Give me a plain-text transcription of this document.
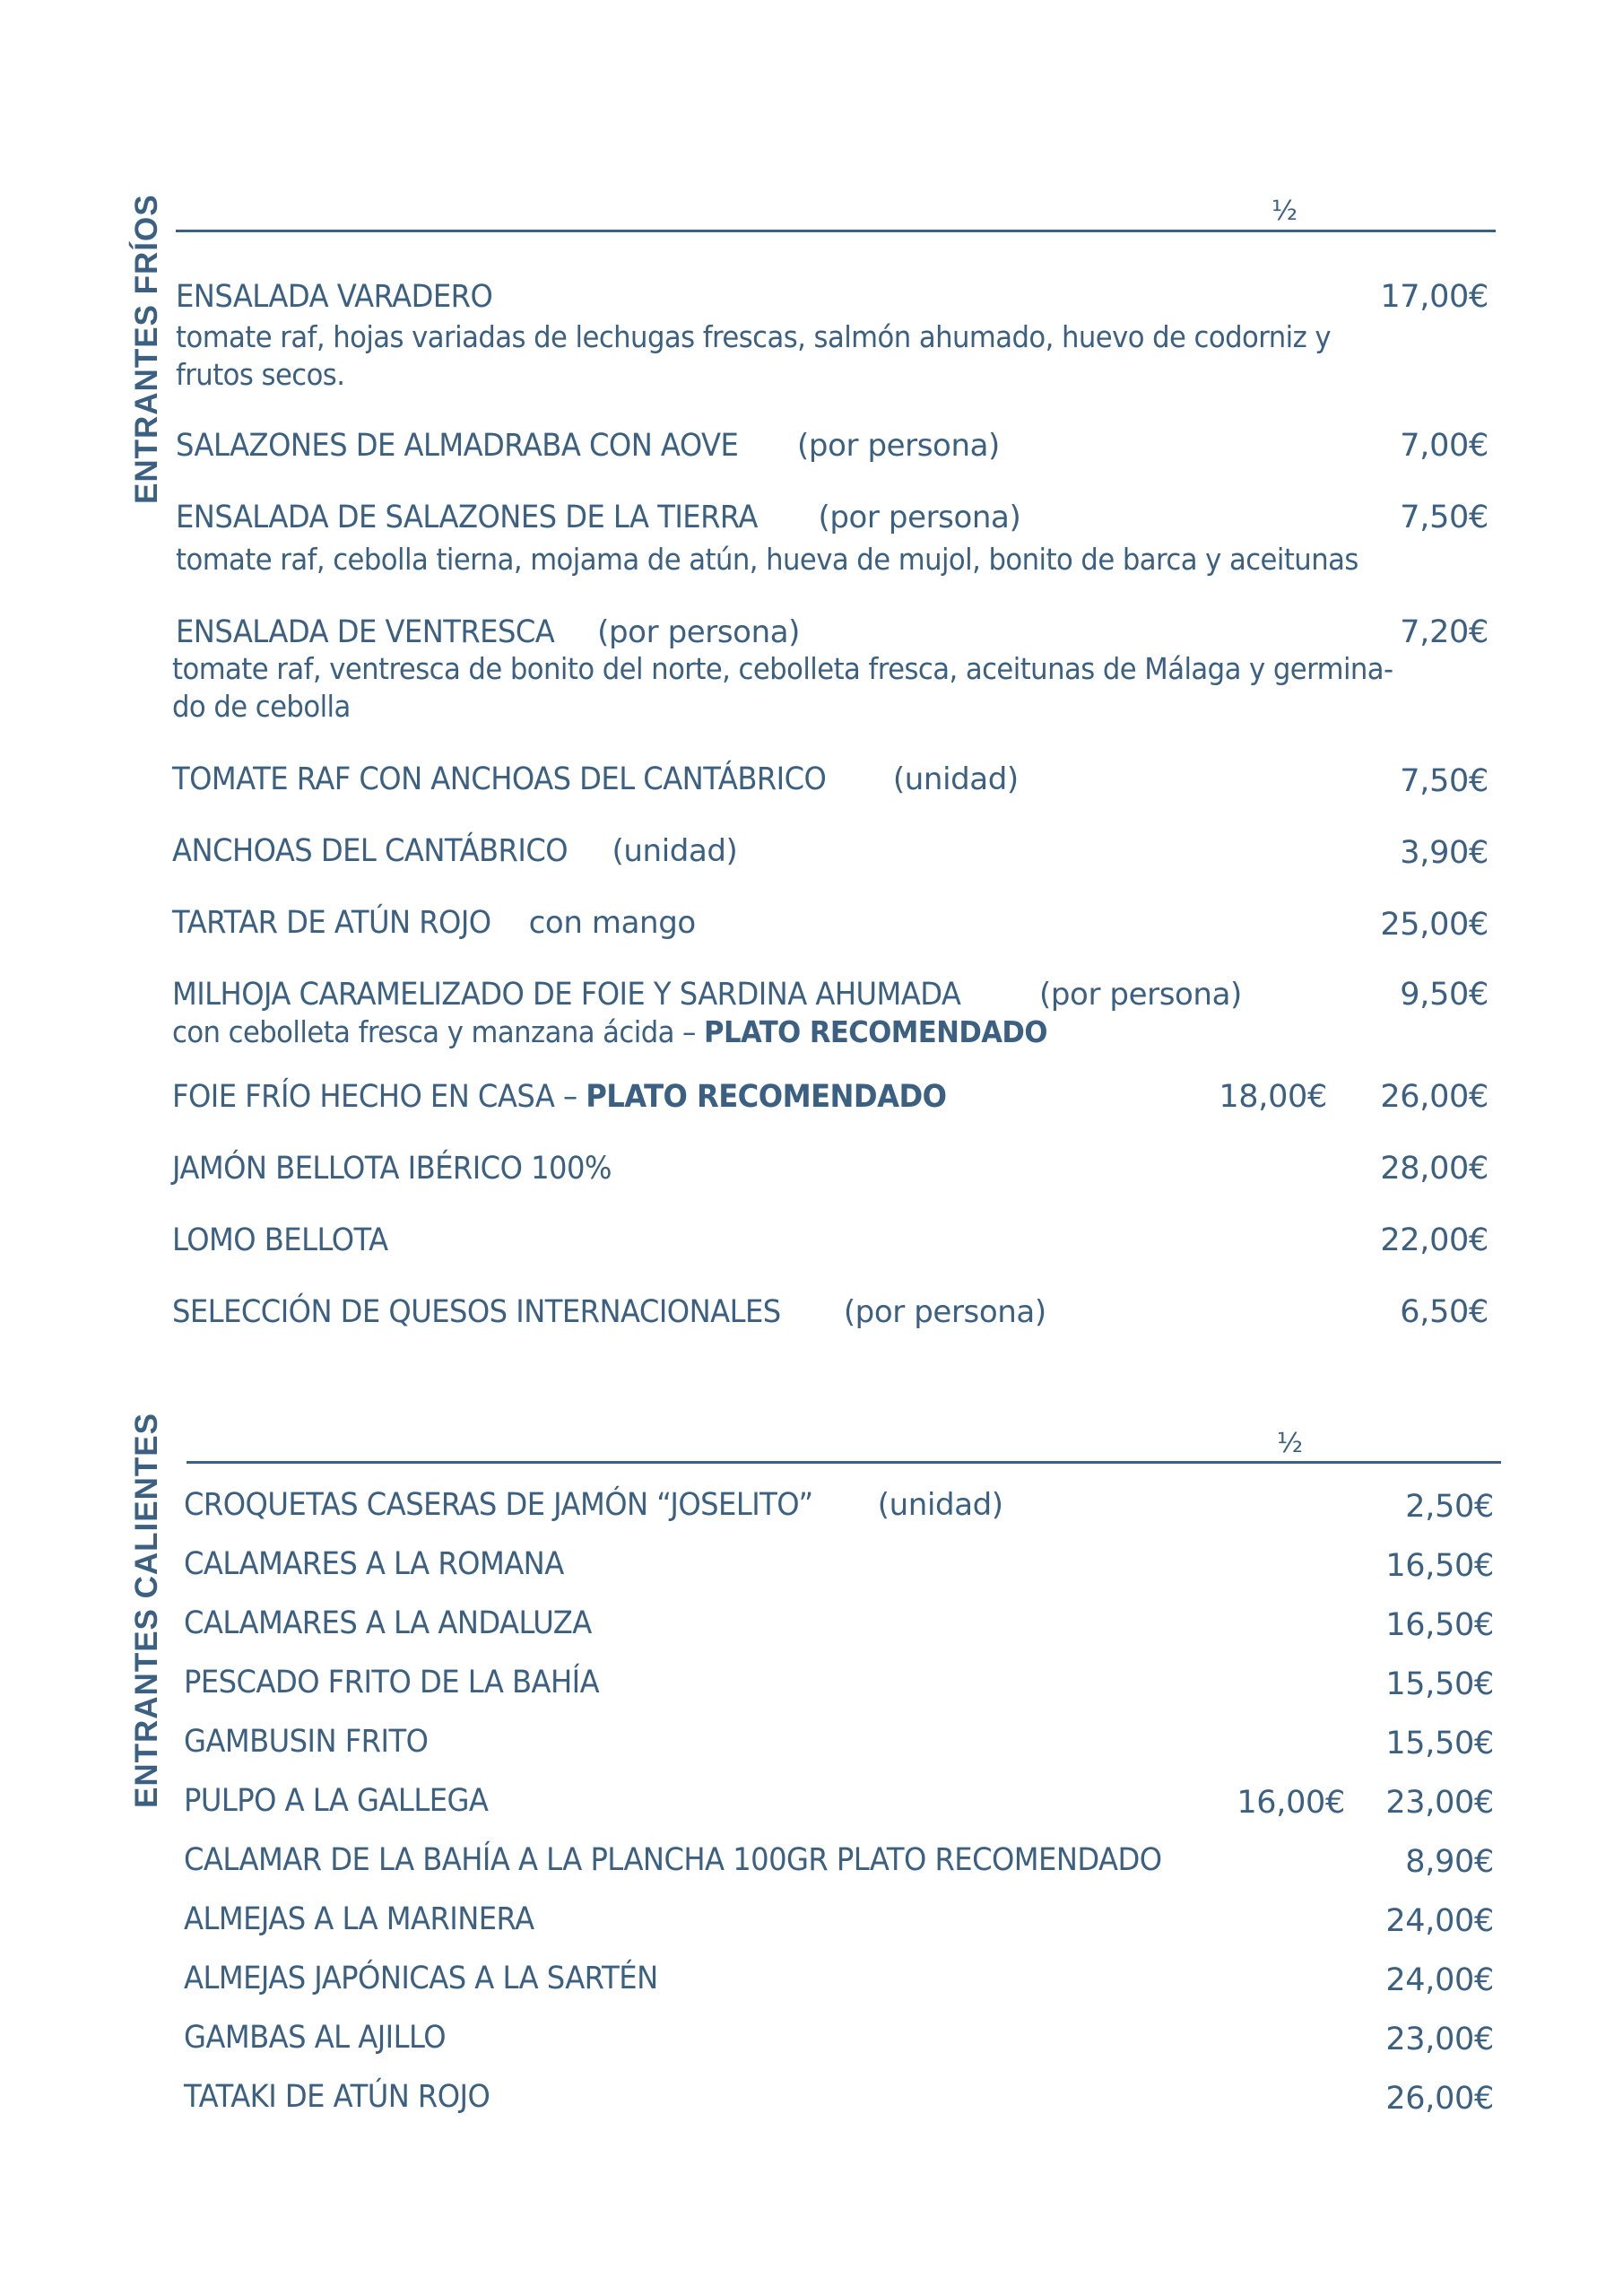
ENTRANTES FRÍOS	½
ENSALADA VARADERO	17,00€
tomate raf, hojas variadas de lechugas frescas, salmón ahumado, huevo de codorniz y
frutos secos.
SALAZONES DE ALMADRABA CON AOVE (por persona)	7,00€
ENSALADA DE SALAZONES DE LA TIERRA (por persona)	7,50€
tomate raf, cebolla tierna, mojama de atún, hueva de mujol, bonito de barca y aceitunas
ENSALADA DE VENTRESCA (por persona)	7,20€
tomate raf, ventresca de bonito del norte, cebolleta fresca, aceitunas de Málaga y germina-
do de cebolla
TOMATE RAF CON ANCHOAS DEL CANTÁBRICO (unidad)	7,50€
ANCHOAS DEL CANTÁBRICO (unidad)	3,90€
TARTAR DE ATÚN ROJO con mango	25,00€
MILHOJA CARAMELIZADO DE FOIE Y SARDINA AHUMADA	(por persona)	9,50€
con cebolleta fresca y manzana ácida – PLATO RECOMENDADO
FOIE FRÍO HECHO EN CASA – PLATO RECOMENDADO	18,00€ 26,00€
JAMÓN BELLOTA IBÉRICO 100%	28,00€
LOMO BELLOTA	22,00€
SELECCIÓN DE QUESOS INTERNACIONALES (por persona)	6,50€
ENTRANTES CALIENTES	½
CROQUETAS CASERAS DE JAMÓN “JOSELITO” (unidad)	2,50€
CALAMARES A LA ROMANA	16,50€
CALAMARES A LA ANDALUZA	16,50€
PESCADO FRITO DE LA BAHÍA	15,50€
GAMBUSIN FRITO	15,50€
PULPO A LA GALLEGA	16,00€ 23,00€
CALAMAR DE LA BAHÍA A LA PLANCHA 100GR PLATO RECOMENDADO	8,90€
ALMEJAS A LA MARINERA	24,00€
ALMEJAS JAPÓNICAS A LA SARTÉN	24,00€
GAMBAS AL AJILLO	23,00€
TATAKI DE ATÚN ROJO	26,00€
